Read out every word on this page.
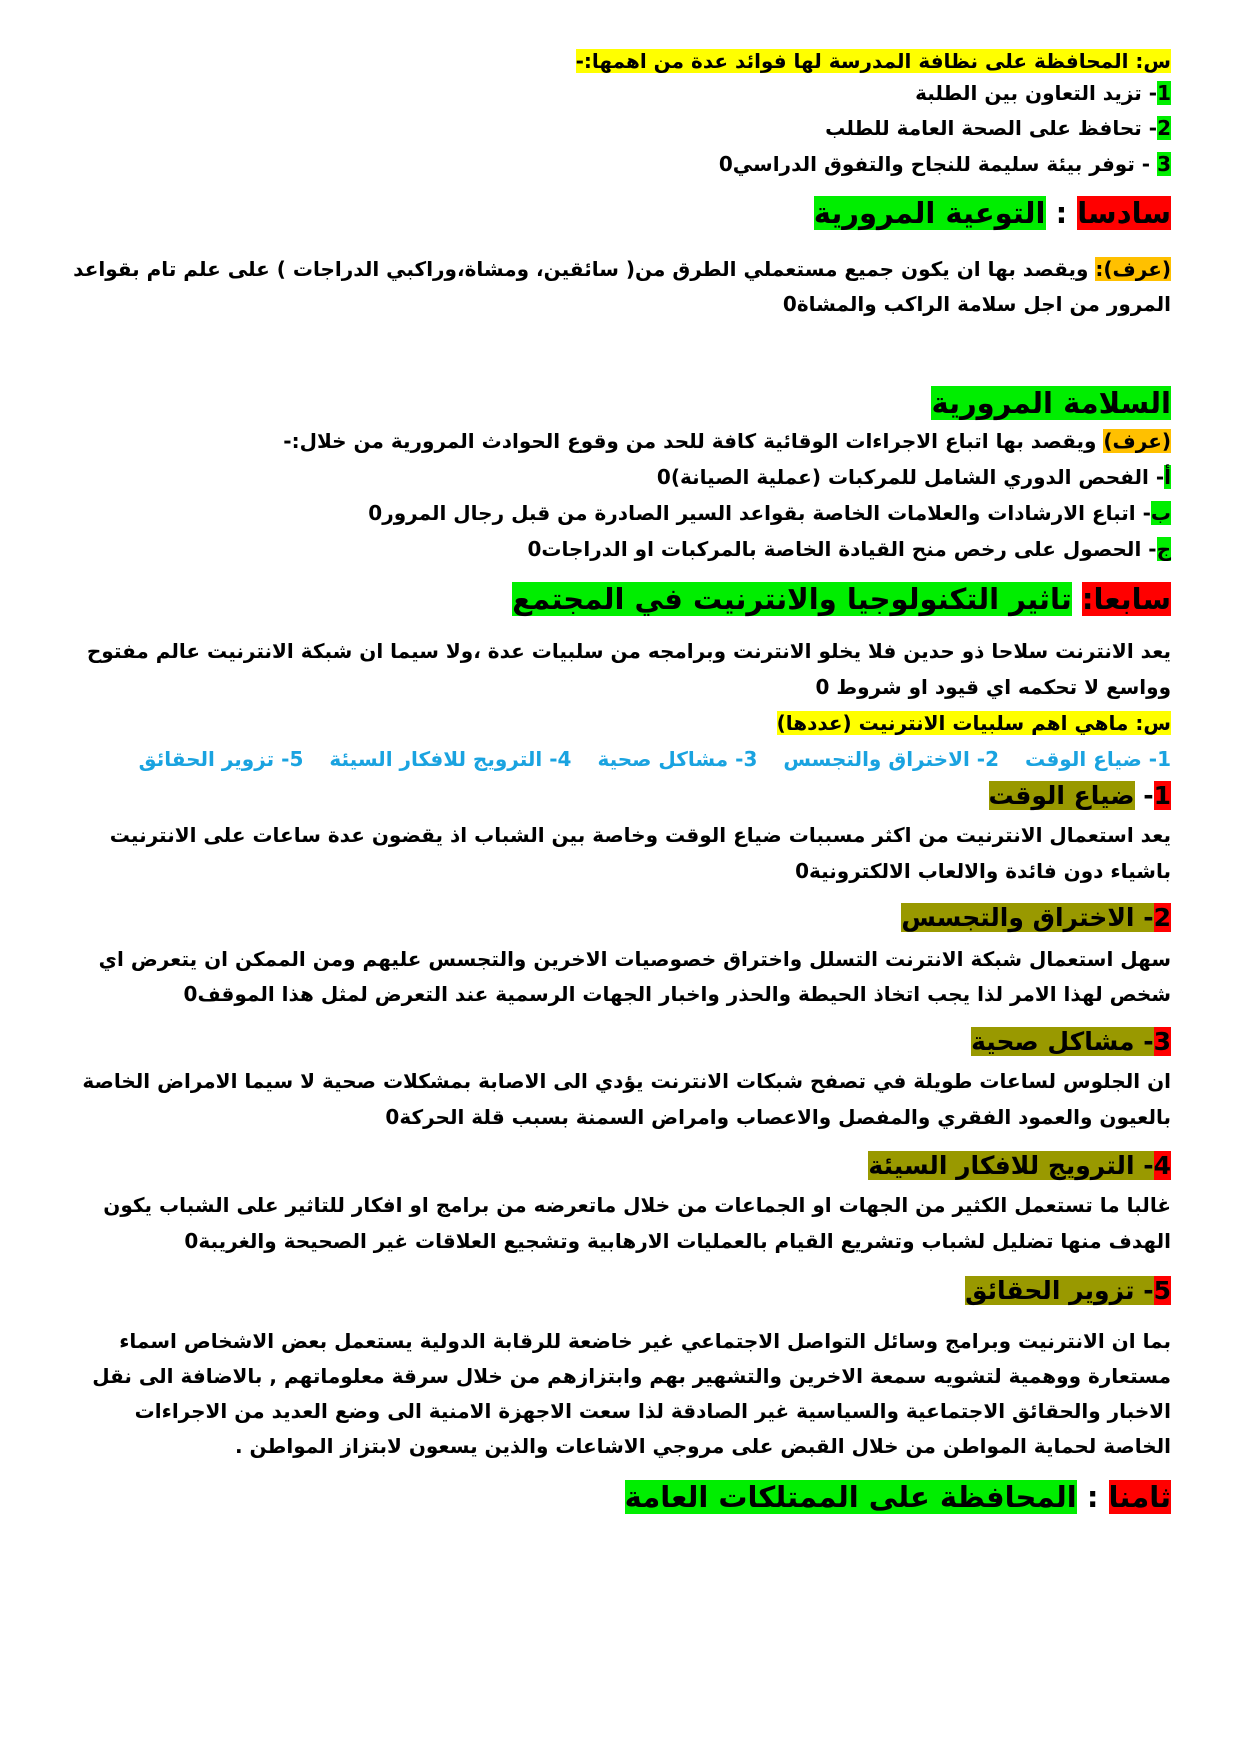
س: المحافظة على نظافة المدرسة لها فوائد عدة من اهمها:-
1- تزيد التعاون بين الطلبة
2- تحافظ على الصحة العامة للطلب
3 - توفر بيئة سليمة للنجاح والتفوق الدراسي0
سادسا : التوعية المرورية
(عرف): ويقصد بها ان يكون جميع مستعملي الطرق من( سائقين، ومشاة،وراكبي الدراجات ) على علم تام بقواعد
المرور من اجل سلامة الراكب والمشاة0
السلامة المرورية
(عرف) ويقصد بها اتباع الاجراءات الوقائية كافة للحد من وقوع الحوادث المرورية من خلال:-
أ- الفحص الدوري الشامل للمركبات (عملية الصيانة)0
ب- اتباع الارشادات والعلامات الخاصة بقواعد السير الصادرة من قبل رجال المرور0
ج- الحصول على رخص منح القيادة الخاصة بالمركبات او الدراجات0
سابعا: تاثير التكنولوجيا والانترنيت في المجتمع
يعد الانترنت سلاحا ذو حدين فلا يخلو الانترنت وبرامجه من سلبيات عدة ،ولا سيما ان شبكة الانترنيت عالم مفتوح
وواسع لا تحكمه اي قيود او شروط 0
س: ماهي اهم سلبيات الانترنيت (عددها)
1- ضياع الوقت2- الاختراق والتجسس3- مشاكل صحية4- الترويج للافكار السيئة5- تزوير الحقائق
1- ضياع الوقت
يعد استعمال الانترنيت من اكثر مسببات ضياع الوقت وخاصة بين الشباب اذ يقضون عدة ساعات على الانترنيت
باشياء دون فائدة والالعاب الالكترونية0
2- الاختراق والتجسس
سهل استعمال شبكة الانترنت التسلل واختراق خصوصيات الاخرين والتجسس عليهم ومن الممكن ان يتعرض اي
شخص لهذا الامر لذا يجب اتخاذ الحيطة والحذر واخبار الجهات الرسمية عند التعرض لمثل هذا الموقف0
3- مشاكل صحية
ان الجلوس لساعات طويلة في تصفح شبكات الانترنت يؤدي الى الاصابة بمشكلات صحية لا سيما الامراض الخاصة
بالعيون والعمود الفقري والمفصل والاعصاب وامراض السمنة بسبب قلة الحركة0
4- الترويج للافكار السيئة
غالبا ما تستعمل الكثير من الجهات او الجماعات من خلال ماتعرضه من برامج او افكار للتاثير على الشباب يكون
الهدف منها تضليل لشباب وتشريع القيام بالعمليات الارهابية وتشجيع العلاقات غير الصحيحة والغريبة0
5- تزوير الحقائق
بما ان الانترنيت وبرامج وسائل التواصل الاجتماعي غير خاضعة للرقابة الدولية يستعمل بعض الاشخاص اسماء
مستعارة ووهمية لتشويه سمعة الاخرين والتشهير بهم وابتزازهم من خلال سرقة معلوماتهم , بالاضافة الى نقل
الاخبار والحقائق الاجتماعية والسياسية غير الصادقة لذا سعت الاجهزة الامنية الى وضع العديد من الاجراءات
الخاصة لحماية المواطن من خلال القبض على مروجي الاشاعات والذين يسعون لابتزاز المواطن .
ثامنا : المحافظة على الممتلكات العامة
